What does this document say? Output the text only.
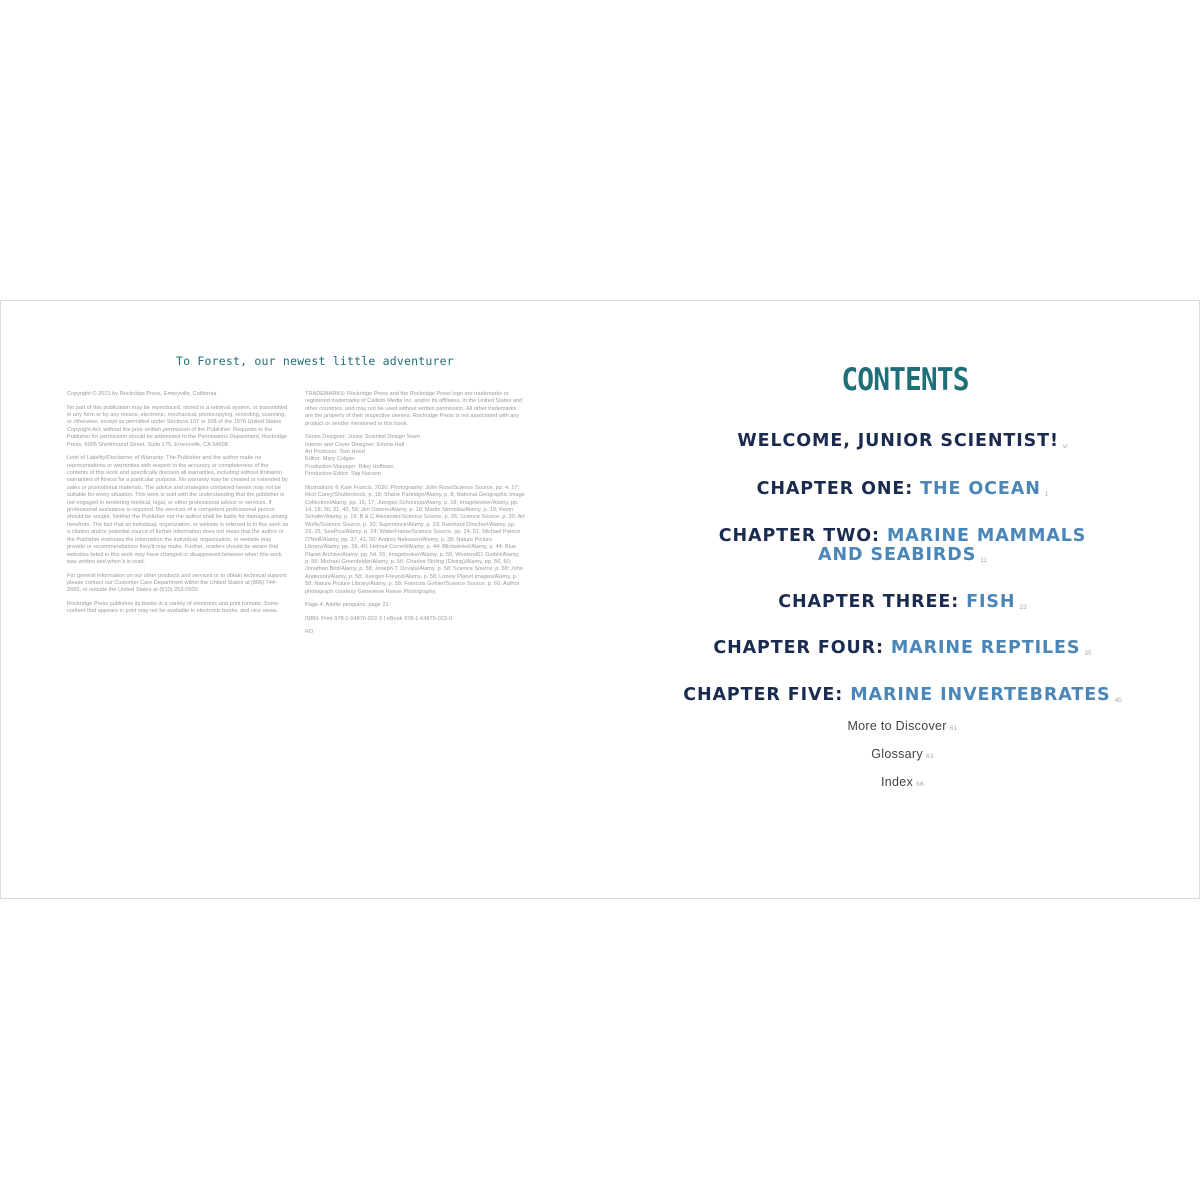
To Forest, our newest little adventurer

Copyright © 2021 by Rockridge Press, Emeryville, California

No part of this publication may be reproduced, stored in a retrieval system, or transmitted in any form or by any means, electronic, mechanical, photocopying, recording, scanning, or otherwise, except as permitted under Sections 107 or 108 of the 1976 United States Copyright Act, without the prior written permission of the Publisher. Requests to the Publisher for permission should be addressed to the Permissions Department, Rockridge Press, 6005 Shellmound Street, Suite 175, Emeryville, CA 94608.

Limit of Liability/Disclaimer of Warranty: The Publisher and the author make no representations or warranties with respect to the accuracy or completeness of the contents of this work and specifically disclaim all warranties, including without limitation warranties of fitness for a particular purpose. No warranty may be created or extended by sales or promotional materials. The advice and strategies contained herein may not be suitable for every situation. This work is sold with the understanding that the publisher is not engaged in rendering medical, legal, or other professional advice or services. If professional assistance is required, the services of a competent professional person should be sought. Neither the Publisher nor the author shall be liable for damages arising herefrom. The fact that an individual, organization, or website is referred to in this work as a citation and/or potential source of further information does not mean that the author or the Publisher endorses the information the individual, organization, or website may provide or recommendations they/it may make. Further, readers should be aware that websites listed in this work may have changed or disappeared between when this work was written and when it is read.

For general information on our other products and services or to obtain technical support, please contact our Customer Care Department within the United States at (866) 744-2665, or outside the United States at (510) 253-0500.

Rockridge Press publishes its books in a variety of electronic and print formats. Some content that appears in print may not be available in electronic books, and vice versa.

TRADEMARKS: Rockridge Press and the Rockridge Press logo are trademarks or registered trademarks of Callisto Media Inc. and/or its affiliates, in the United States and other countries, and may not be used without written permission. All other trademarks are the property of their respective owners. Rockridge Press is not associated with any product or vendor mentioned in this book.

Series Designer: Junior Scientist Design Team
Interior and Cover Designer: Emma Hall
Art Producer: Tom Hood
Editor: Mary Colgan
Production Manager: Riley Hoffman
Production Editor: Sigi Nacson

Illustrations © Kate Francis, 2020. Photography: John Ross/Science Source, pp. 4, 17; Rich Carey/Shutterstock, p. 18; Shane Partridge/Alamy, p. 8; National Geographic Image Collection/Alamy, pp. 16, 17; Juergen Schonnop/Alamy, p. 18; Imagebroker/Alamy, pp. 14, 18, 30, 31, 40, 56; Jim Osborn/Alamy, p. 18; Martin Strmiska/Alamy, p. 19; Kevin Schafer/Alamy, p. 19; B & C Alexander/Science Source, p. 26; Science Source, p. 30; Art Wolfe/Science Source, p. 30; Superstock/Alamy, p. 23; Reinhard Dirscherl/Alamy, pp. 23, 25; SeaPics/Alamy, p. 24; WaterFrame/Science Source, pp. 24, 51; Michael Patrick O'Neill/Alamy, pp. 37, 41, 50; Andrey Nekrasov/Alamy, p. 38; Nature Picture Library/Alamy, pp. 39, 40; Helmut Corneli/Alamy, p. 44; Blickwinkel/Alamy, p. 44; Blue Planet Archive/Alamy, pp. 54, 55; Imagebroker/Alamy, p. 56; Westend61 GmbH/Alamy, p. 56; Michael Greenfelder/Alamy, p. 56; Charles Stirling (Diving)/Alamy, pp. 56, 60; Jonathan Bird/Alamy, p. 58; Joseph T. Dovala/Alamy, p. 58; Science Source, p. 58; John Anderson/Alamy, p. 58; Juergen Freund/Alamy, p. 58; Lonely Planet Images/Alamy, p. 58; Nature Picture Library/Alamy, p. 58; Francois Gohier/Science Source, p. 60. Author photograph courtesy Genevieve Reese Photography.

Page 4: Adélie penguins; page 21:

ISBN: Print 978-1-64876-022-3 | eBook 978-1-64876-023-0

RO

CONTENTS
WELCOME, JUNIOR SCIENTIST! vi
CHAPTER ONE: THE OCEAN 1
CHAPTER TWO: MARINE MAMMALS
AND SEABIRDS 11
CHAPTER THREE: FISH 23
CHAPTER FOUR: MARINE REPTILES 35
CHAPTER FIVE: MARINE INVERTEBRATES 45
More to Discover 61
Glossary 63
Index 66
